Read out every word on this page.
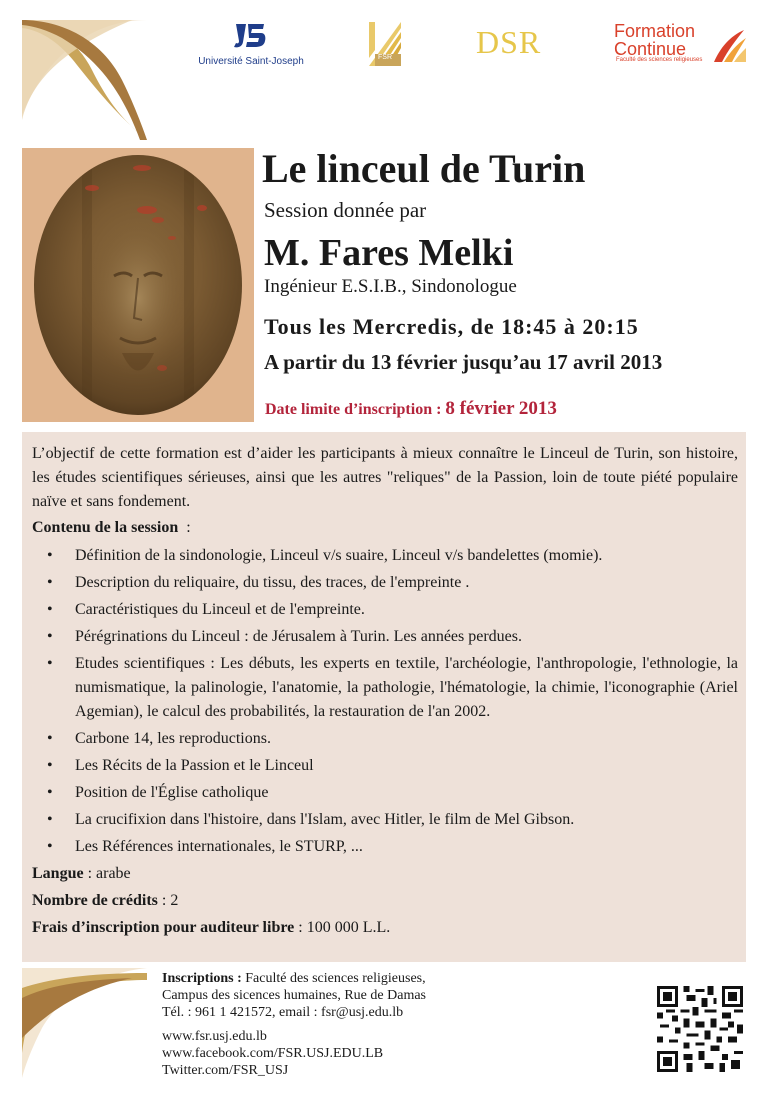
Université Saint-Joseph	FSR	DSR	Formation
Continue
Faculté des sciences religieuses
Le linceul de Turin
Session donnée par
M. Fares Melki
Ingénieur E.S.I.B., Sindonologue
Tous les Mercredis, de 18:45 à 20:15
A partir du 13 février jusqu’au 17 avril 2013
Date limite d’inscription : 8 février 2013

L’objectif de cette formation est d’aider les participants à mieux connaître le Linceul de Turin, son histoire, les études scientifiques sérieuses, ainsi que les autres "reliques" de la Passion, loin de toute piété populaire naïve et sans fondement.

Contenu de la session  :

• Définition de la sindonologie, Linceul v/s suaire, Linceul v/s bandelettes (momie).
• Description du reliquaire, du tissu, des traces, de l'empreinte .
• Caractéristiques du Linceul et de l'empreinte.
• Pérégrinations du Linceul : de Jérusalem à Turin. Les années perdues.
• Etudes scientifiques : Les débuts, les experts en textile, l'archéologie, l'anthropologie, l'ethnologie, la numismatique, la palinologie, l'anatomie, la pathologie, l'hématologie, la chimie, l'iconographie (Ariel Agemian), le calcul des probabilités, la restauration de l'an 2002.
• Carbone 14, les reproductions.
• Les Récits de la Passion et le Linceul
• Position de l'Église catholique
• La crucifixion dans l'histoire, dans l'Islam, avec Hitler, le film de Mel Gibson.
• Les Références internationales, le STURP, ...

Langue : arabe

Nombre de crédits : 2

Frais d’inscription pour auditeur libre : 100 000 L.L.

Inscriptions : Faculté des sciences religieuses,

Campus des sicences humaines, Rue de Damas

Tél. : 961 1 421572, email : fsr@usj.edu.lb

www.fsr.usj.edu.lb

www.facebook.com/FSR.USJ.EDU.LB

Twitter.com/FSR_USJ
